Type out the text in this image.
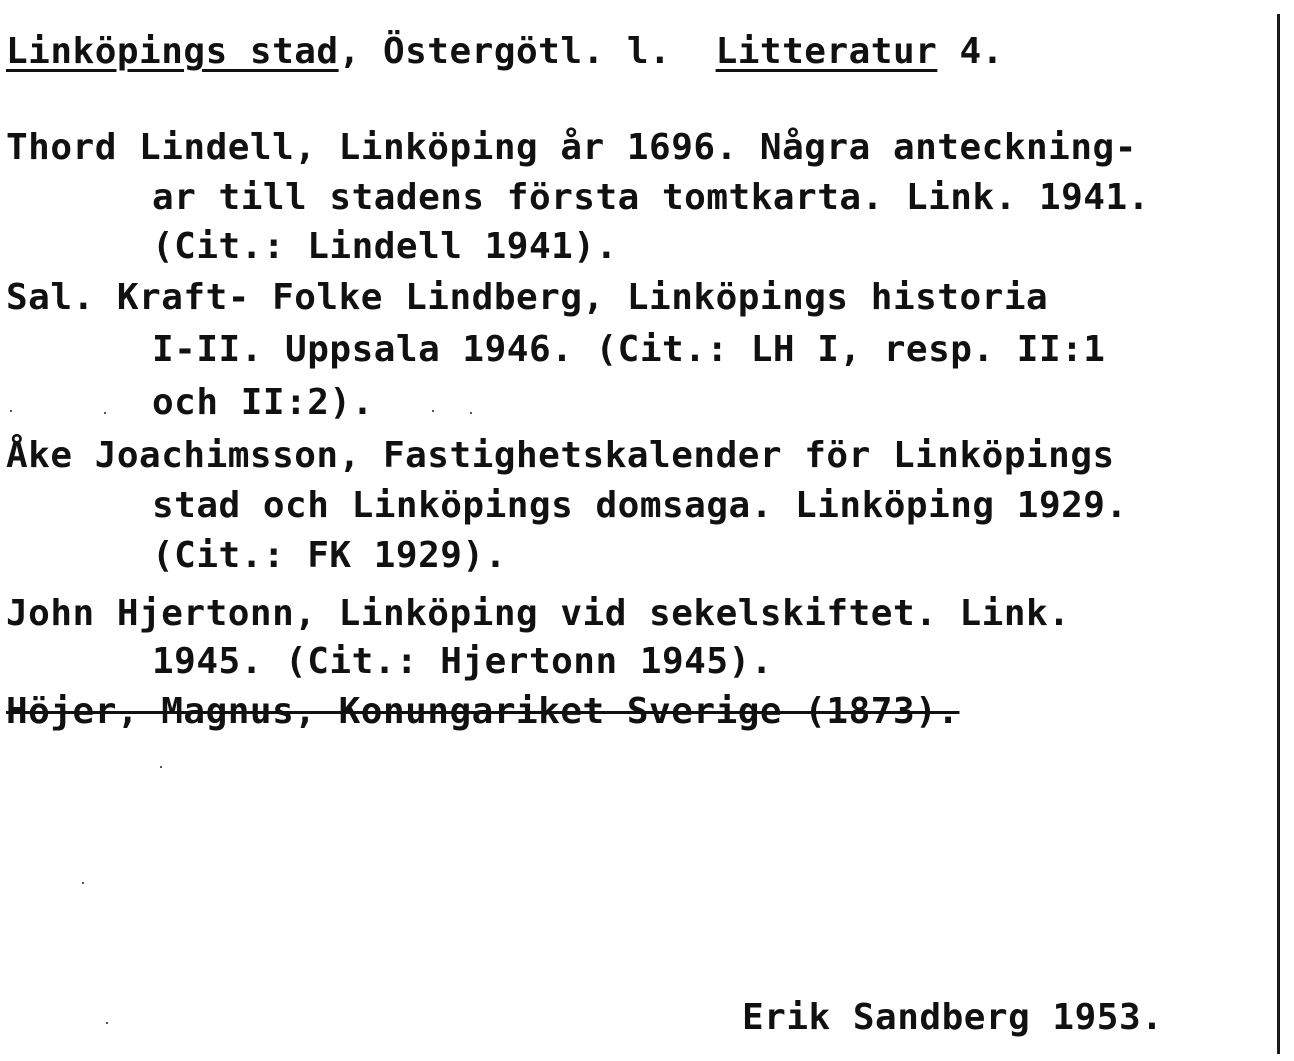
Linköpings stad, Östergötl. l. Litteratur 4.
Thord Lindell, Linköping år 1696. Några anteckning-
ar till stadens första tomtkarta. Link. 1941.
(Cit.: Lindell 1941).
Sal. Kraft- Folke Lindberg, Linköpings historia
I-II. Uppsala 1946. (Cit.: LH I, resp. II:1
och II:2).
Åke Joachimsson, Fastighetskalender för Linköpings
stad och Linköpings domsaga. Linköping 1929.
(Cit.: FK 1929).
John Hjertonn, Linköping vid sekelskiftet. Link.
1945. (Cit.: Hjertonn 1945).
Höjer, Magnus, Konungariket Sverige (1873).
Erik Sandberg 1953.
